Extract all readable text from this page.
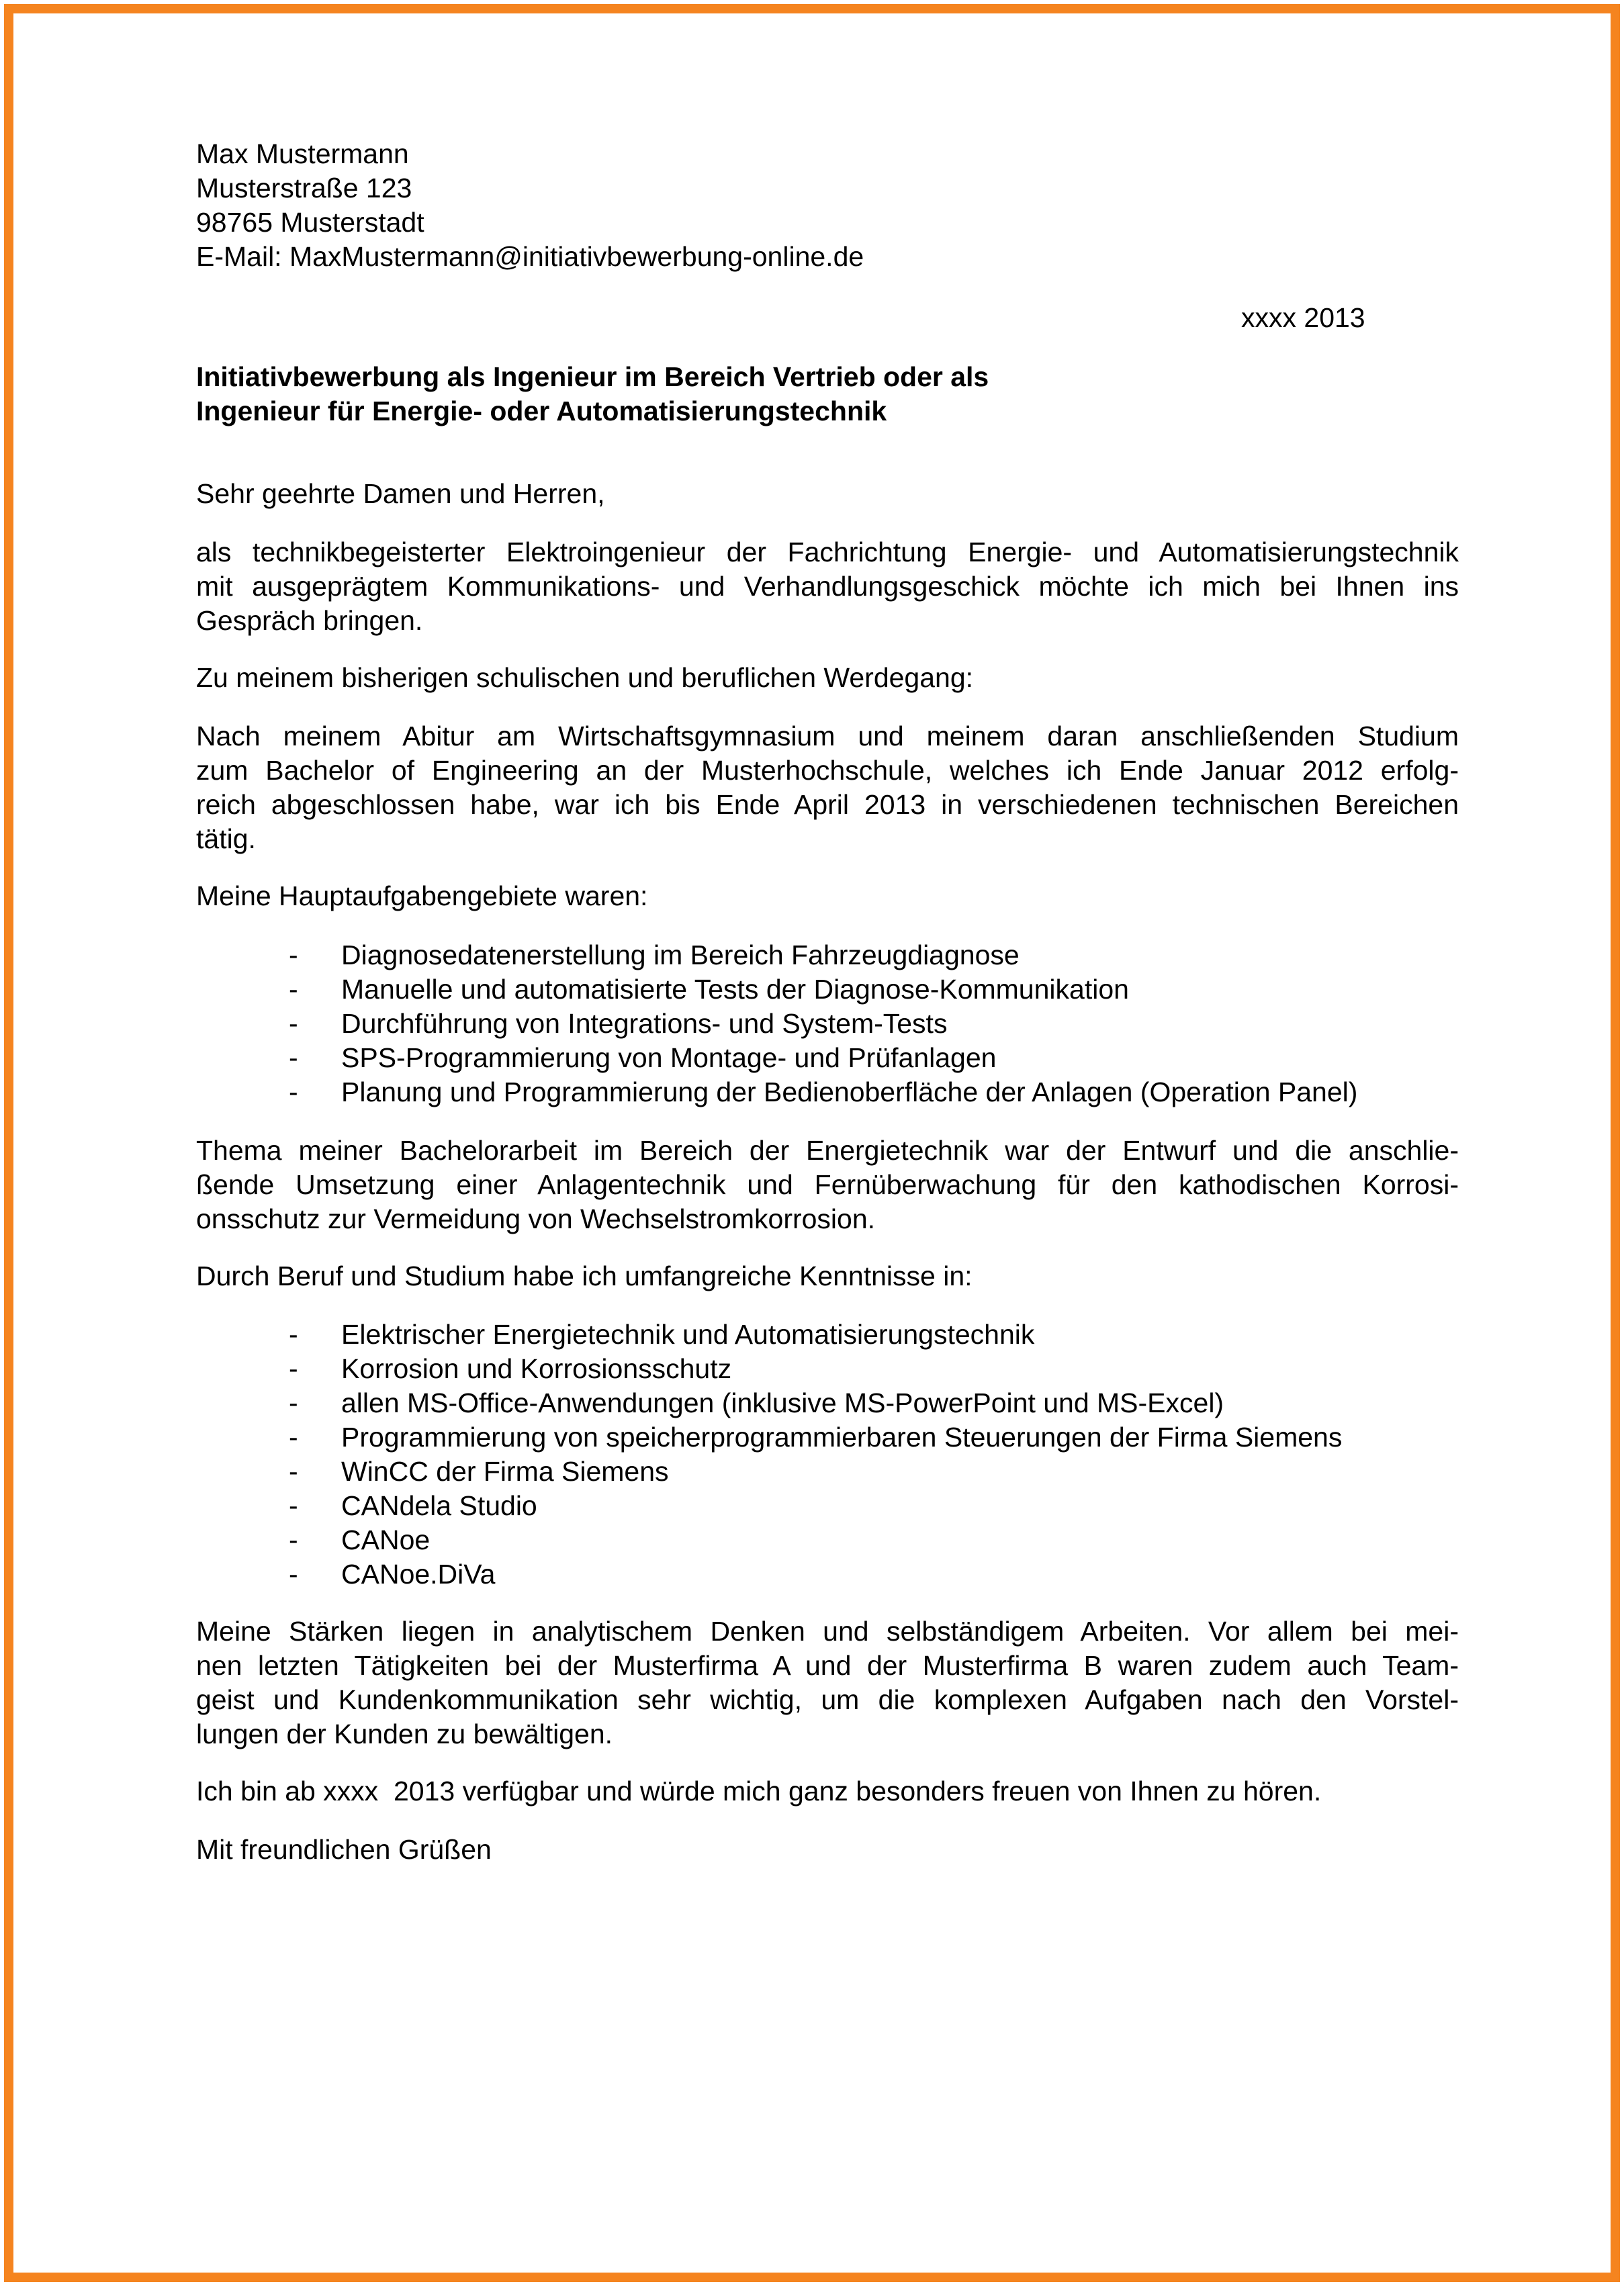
Max Mustermann
Musterstraße 123
98765 Musterstadt
E-Mail: MaxMustermann@initiativbewerbung-online.de
xxxx 2013
Initiativbewerbung als Ingenieur im Bereich Vertrieb oder als
Ingenieur für Energie- oder Automatisierungstechnik
Sehr geehrte Damen und Herren,
als technikbegeisterter Elektroingenieur der Fachrichtung Energie- und Automatisierungstechnik
mit ausgeprägtem Kommunikations- und Verhandlungsgeschick möchte ich mich bei Ihnen ins
Gespräch bringen.
Zu meinem bisherigen schulischen und beruflichen Werdegang:
Nach meinem Abitur am Wirtschaftsgymnasium und meinem daran anschließenden Studium
zum Bachelor of Engineering an der Musterhochschule, welches ich Ende Januar 2012 erfolg-
reich abgeschlossen habe, war ich bis Ende April 2013 in verschiedenen technischen Bereichen
tätig.
Meine Hauptaufgabengebiete waren:
- Diagnosedatenerstellung im Bereich Fahrzeugdiagnose
- Manuelle und automatisierte Tests der Diagnose-Kommunikation
- Durchführung von Integrations- und System-Tests
- SPS-Programmierung von Montage- und Prüfanlagen
- Planung und Programmierung der Bedienoberfläche der Anlagen (Operation Panel)
Thema meiner Bachelorarbeit im Bereich der Energietechnik war der Entwurf und die anschlie-
ßende Umsetzung einer Anlagentechnik und Fernüberwachung für den kathodischen Korrosi-
onsschutz zur Vermeidung von Wechselstromkorrosion.
Durch Beruf und Studium habe ich umfangreiche Kenntnisse in:
- Elektrischer Energietechnik und Automatisierungstechnik
- Korrosion und Korrosionsschutz
- allen MS-Office-Anwendungen (inklusive MS-PowerPoint und MS-Excel)
- Programmierung von speicherprogrammierbaren Steuerungen der Firma Siemens
- WinCC der Firma Siemens
- CANdela Studio
- CANoe
- CANoe.DiVa
Meine Stärken liegen in analytischem Denken und selbständigem Arbeiten. Vor allem bei mei-
nen letzten Tätigkeiten bei der Musterfirma A und der Musterfirma B waren zudem auch Team-
geist und Kundenkommunikation sehr wichtig, um die komplexen Aufgaben nach den Vorstel-
lungen der Kunden zu bewältigen.
Ich bin ab xxxx  2013 verfügbar und würde mich ganz besonders freuen von Ihnen zu hören.
Mit freundlichen Grüßen
